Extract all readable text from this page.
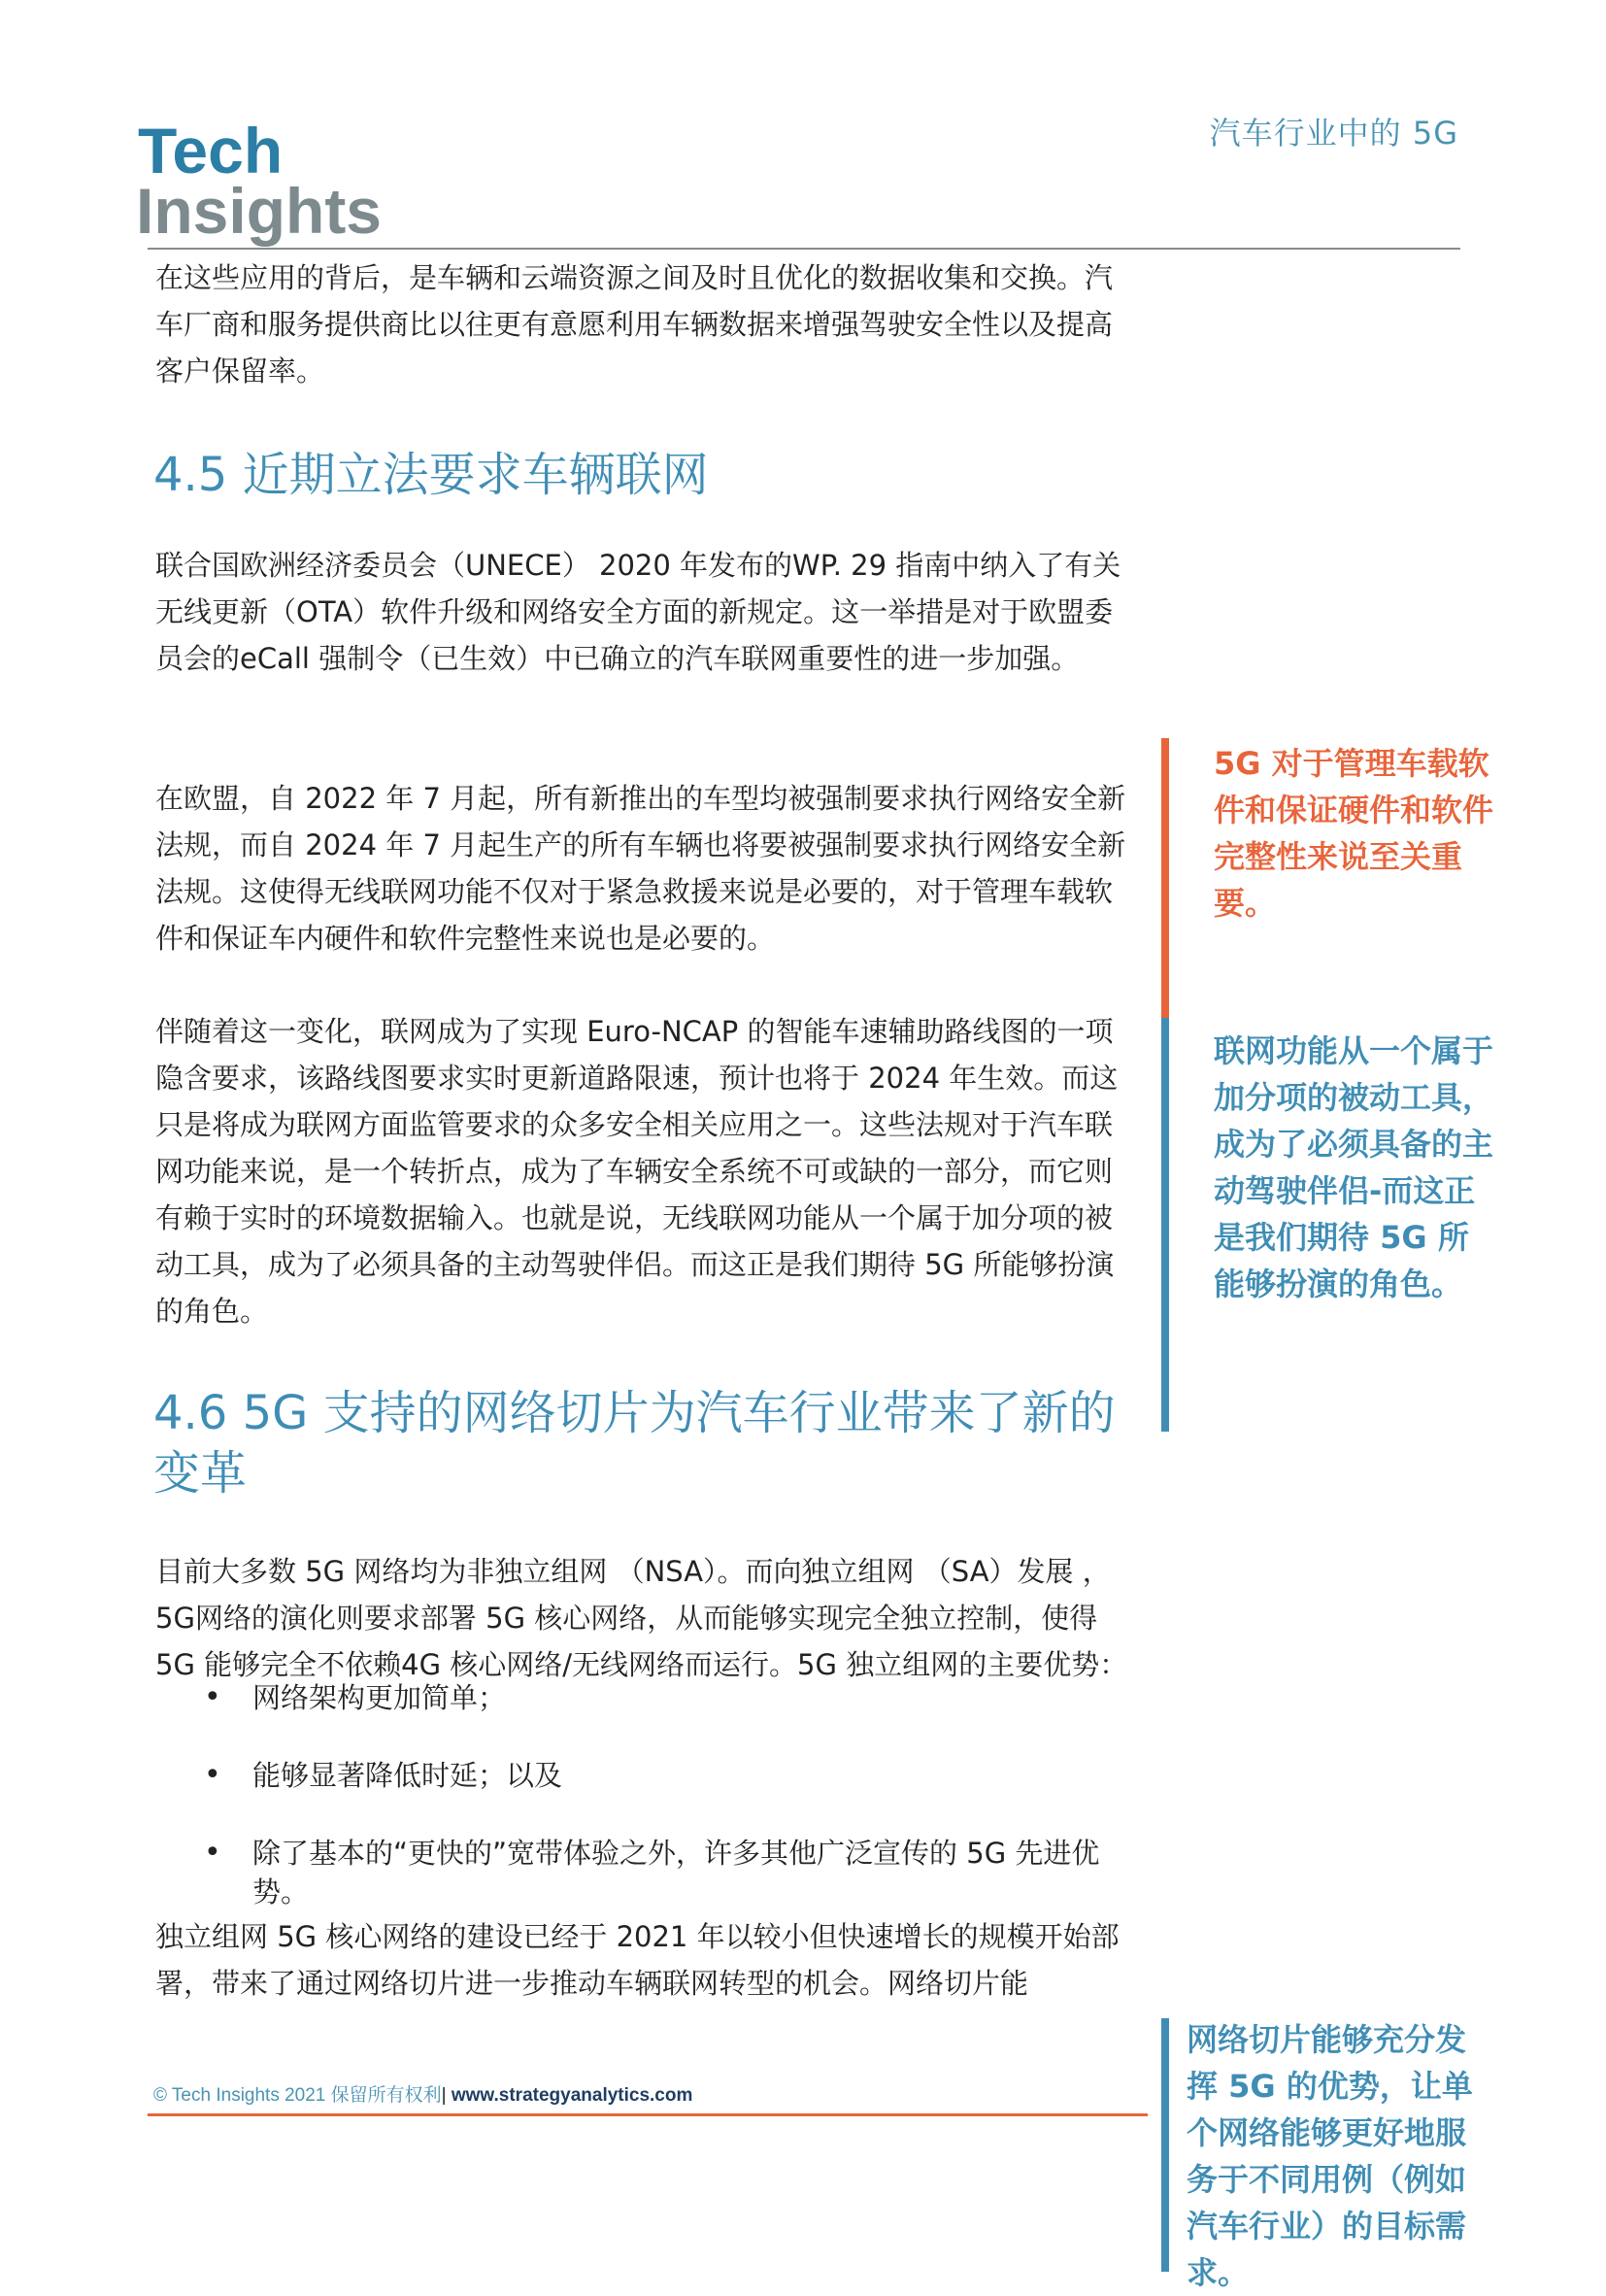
Tech
Insights
汽车行业中的 5G

在这些应用的背后，是车辆和云端资源之间及时且优化的数据收集和交换。汽车厂商和服务提供商比以往更有意愿利用车辆数据来增强驾驶安全性以及提高客户保留率。

4.5 近期立法要求车辆联网

联合国欧洲经济委员会（UNECE） 2020 年发布的WP. 29 指南中纳入了有关无线更新（OTA）软件升级和网络安全方面的新规定。这一举措是对于欧盟委员会的eCall 强制令（已生效）中已确立的汽车联网重要性的进一步加强。

在欧盟，自 2022 年 7 月起，所有新推出的车型均被强制要求执行网络安全新法规，而自 2024 年 7 月起生产的所有车辆也将要被强制要求执行网络安全新法规。这使得无线联网功能不仅对于紧急救援来说是必要的，对于管理车载软件和保证车内硬件和软件完整性来说也是必要的。

伴随着这一变化，联网成为了实现 Euro-NCAP 的智能车速辅助路线图的一项隐含要求，该路线图要求实时更新道路限速，预计也将于 2024 年生效。而这只是将成为联网方面监管要求的众多安全相关应用之一。这些法规对于汽车联网功能来说，是一个转折点，成为了车辆安全系统不可或缺的一部分，而它则有赖于实时的环境数据输入。也就是说，无线联网功能从一个属于加分项的被动工具，成为了必须具备的主动驾驶伴侣。而这正是我们期待 5G 所能够扮演的角色。

4.6 5G 支持的网络切片为汽车行业带来了新的变革

目前大多数 5G 网络均为非独立组网 （NSA）。而向独立组网 （SA）发展 ，5G网络的演化则要求部署 5G 核心网络，从而能够实现完全独立控制，使得 5G 能够完全不依赖4G 核心网络/无线网络而运行。5G 独立组网的主要优势：

• 网络架构更加简单；
• 能够显著降低时延；以及
• 除了基本的“更快的”宽带体验之外，许多其他广泛宣传的 5G 先进优势。

独立组网 5G 核心网络的建设已经于 2021 年以较小但快速增长的规模开始部署，带来了通过网络切片进一步推动车辆联网转型的机会。网络切片能

5G 对于管理车载软件和保证硬件和软件完整性来说至关重要。

联网功能从一个属于加分项的被动工具，成为了必须具备的主动驾驶伴侣-而这正是我们期待 5G 所能够扮演的角色。

网络切片能够充分发挥 5G 的优势，让单个网络能够更好地服务于不同用例（例如汽车行业）的目标需求。

© Tech Insights 2021 保留所有权利| www.strategyanalytics.com
